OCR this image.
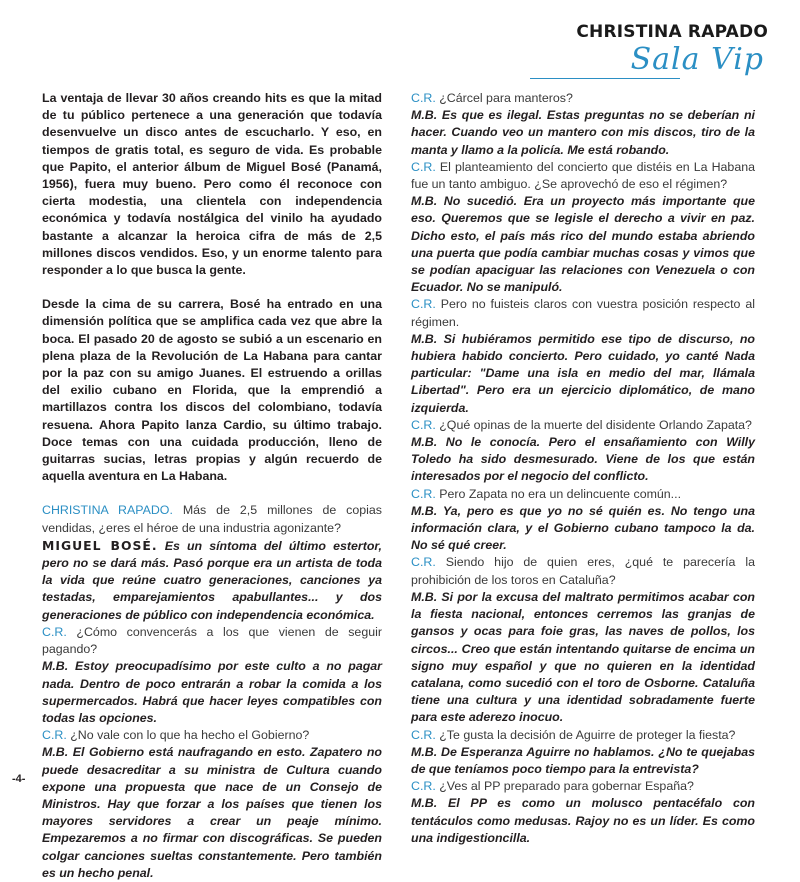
CHRISTINA RAPADO
Sala Vip

La ventaja de llevar 30 años creando hits es que la mitad de tu público pertenece a una generación que todavía desenvuelve un disco antes de escucharlo. Y eso, en tiempos de gratis total, es seguro de vida. Es probable que Papito, el anterior álbum de Miguel Bosé (Panamá, 1956), fuera muy bueno. Pero como él reconoce con cierta modestia, una clientela con independencia económica y todavía nostálgica del vinilo ha ayudado bastante a alcanzar la heroica cifra de más de 2,5 millones discos vendidos. Eso, y un enorme talento para responder a lo que busca la gente.

Desde la cima de su carrera, Bosé ha entrado en una dimensión política que se amplifica cada vez que abre la boca. El pasado 20 de agosto se subió a un escenario en plena plaza de la Revolución de La Habana para cantar por la paz con su amigo Juanes. El estruendo a orillas del exilio cubano en Florida, que la emprendió a martillazos contra los discos del colombiano, todavía resuena. Ahora Papito lanza Cardio, su último trabajo. Doce temas con una cuidada producción, lleno de guitarras sucias, letras propias y algún recuerdo de aquella aventura en La Habana.

CHRISTINA RAPADO. Más de 2,5 millones de copias vendidas, ¿eres el héroe de una industria agonizante?
MIGUEL BOSÉ. Es un síntoma del último estertor, pero no se dará más. Pasó porque era un artista de toda la vida que reúne cuatro generaciones, canciones ya testadas, emparejamientos apabullantes... y dos generaciones de público con independencia económica.
C.R. ¿Cómo convencerás a los que vienen de seguir pagando?
M.B. Estoy preocupadísimo por este culto a no pagar nada. Dentro de poco entrarán a robar la comida a los supermercados. Habrá que hacer leyes compatibles con todas las opciones.
C.R. ¿No vale con lo que ha hecho el Gobierno?
M.B. El Gobierno está naufragando en esto. Zapatero no puede desacreditar a su ministra de Cultura cuando expone una propuesta que nace de un Consejo de Ministros. Hay que forzar a los países que tienen los mayores servidores a crear un peaje mínimo. Empezaremos a no firmar con discográficas. Se pueden colgar canciones sueltas constantemente. Pero también es un hecho penal.
C.R. ¿Cárcel para manteros?
M.B. Es que es ilegal. Estas preguntas no se deberían ni hacer. Cuando veo un mantero con mis discos, tiro de la manta y llamo a la policía. Me está robando.
C.R. El planteamiento del concierto que distéis en La Habana fue un tanto ambiguo. ¿Se aprovechó de eso el régimen?
M.B. No sucedió. Era un proyecto más importante que eso. Queremos que se legisle el derecho a vivir en paz. Dicho esto, el país más rico del mundo estaba abriendo una puerta que podía cambiar muchas cosas y vimos que se podían apaciguar las relaciones con Venezuela o con Ecuador. No se manipuló.
C.R. Pero no fuisteis claros con vuestra posición respecto al régimen.
M.B. Si hubiéramos permitido ese tipo de discurso, no hubiera habido concierto. Pero cuidado, yo canté Nada particular: "Dame una isla en medio del mar, llámala Libertad". Pero era un ejercicio diplomático, de mano izquierda.
C.R. ¿Qué opinas de la muerte del disidente Orlando Zapata?
M.B. No le conocía. Pero el ensañamiento con Willy Toledo ha sido desmesurado. Viene de los que están interesados por el negocio del conflicto.
C.R. Pero Zapata no era un delincuente común...
M.B. Ya, pero es que yo no sé quién es. No tengo una información clara, y el Gobierno cubano tampoco la da. No sé qué creer.
C.R. Siendo hijo de quien eres, ¿qué te parecería la prohibición de los toros en Cataluña?
M.B. Si por la excusa del maltrato permitimos acabar con la fiesta nacional, entonces cerremos las granjas de gansos y ocas para foie gras, las naves de pollos, los circos... Creo que están intentando quitarse de encima un signo muy español y que no quieren en la identidad catalana, como sucedió con el toro de Osborne. Cataluña tiene una cultura y una identidad sobradamente fuerte para este aderezo inocuo.
C.R. ¿Te gusta la decisión de Aguirre de proteger la fiesta?
M.B. De Esperanza Aguirre no hablamos. ¿No te quejabas de que teníamos poco tiempo para la entrevista?
C.R. ¿Ves al PP preparado para gobernar España?
M.B. El PP es como un molusco pentacéfalo con tentáculos como medusas. Rajoy no es un líder. Es como una indigestioncilla.
-4-
